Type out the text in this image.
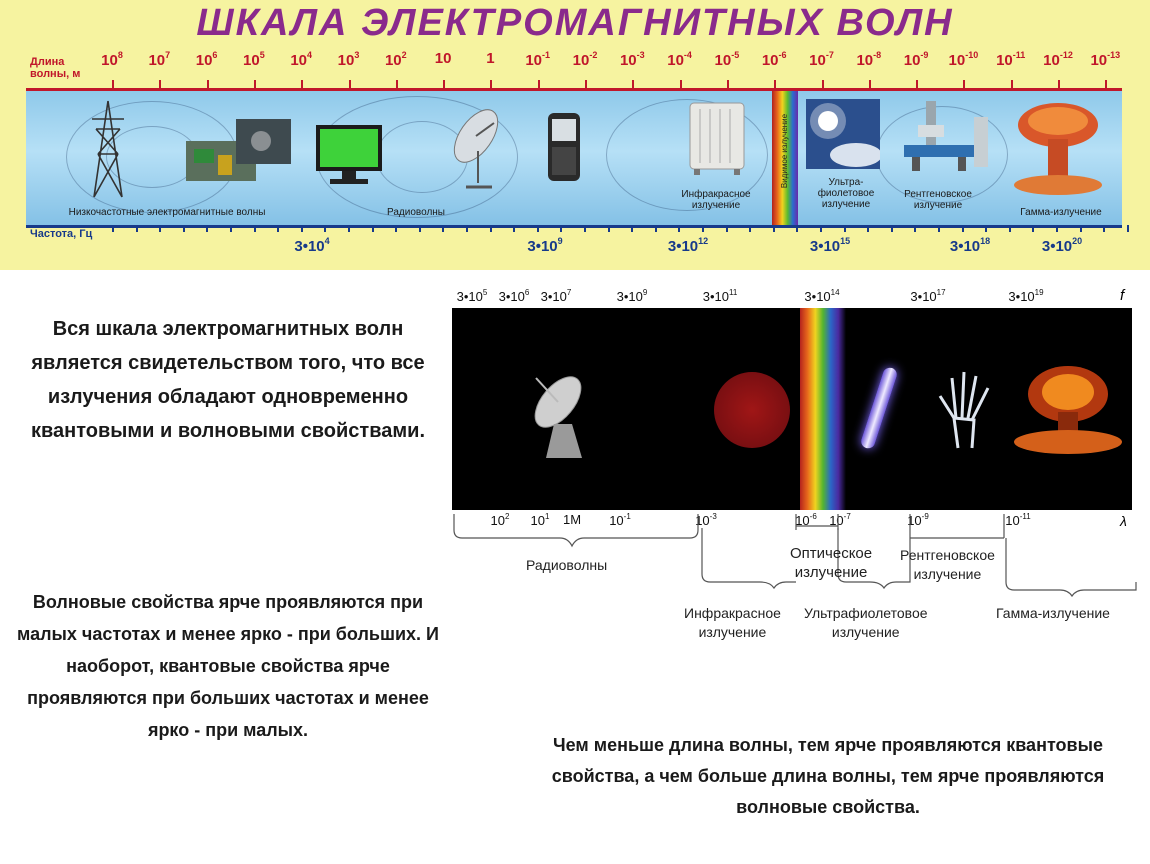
ШКАЛА ЭЛЕКТРОМАГНИТНЫХ ВОЛН
Длина
волны, м
$10^8$ $10^7$ $10^6$ $10^5$ $10^4$ $10^3$ $10^2$ 10 1 $10^{-1}$ $10^{-2}$ $10^{-3}$ $10^{-4}$ $10^{-5}$ $10^{-6}$ $10^{-7}$ $10^{-8}$ $10^{-9}$ $10^{-10}$ $10^{-11}$ $10^{-12}$ $10^{-13}$
Видимое излучение
Низкочастотные электромагнитные волны	Радиоволны
Инфракрасное излучение
Ультра- фиолетовое излучение
Рентгеновское излучение
Гамма-излучение
Частота, Гц
$3•10^4$	$3•10^9$	$3•10^{12}$	$3•10^{15}$	$3•10^{18}$	$3•10^{20}$
Вся шкала электромагнитных волн является свидетельством того, что все излучения обладают одновременно квантовыми и волновыми свойствами.
Волновые свойства ярче проявляются при малых частотах и менее ярко - при больших. И наоборот, квантовые свойства ярче проявляются при больших частотах и менее ярко - при малых.
Чем меньше длина волны, тем ярче проявляются квантовые свойства, а чем больше длина волны, тем ярче проявляются волновые свойства.
$3•10^5$ $3•10^6$ $3•10^7$	$3•10^9$	$3•10^{11}$	$3•10^{14}$	$3•10^{17}$	$3•10^{19}$	f
$10^2$ $10^1$ 1М $10^{-1}$	$10^{-3}$	$10^{-6}$ $10^{-7}$	$10^{-9}$	$10^{-11}$	λ
Радиоволны
Оптическое
излучение
Рентгеновское
излучение
Инфракрасное
излучение
Ультрафиолетовое
излучение
Гамма-излучение
